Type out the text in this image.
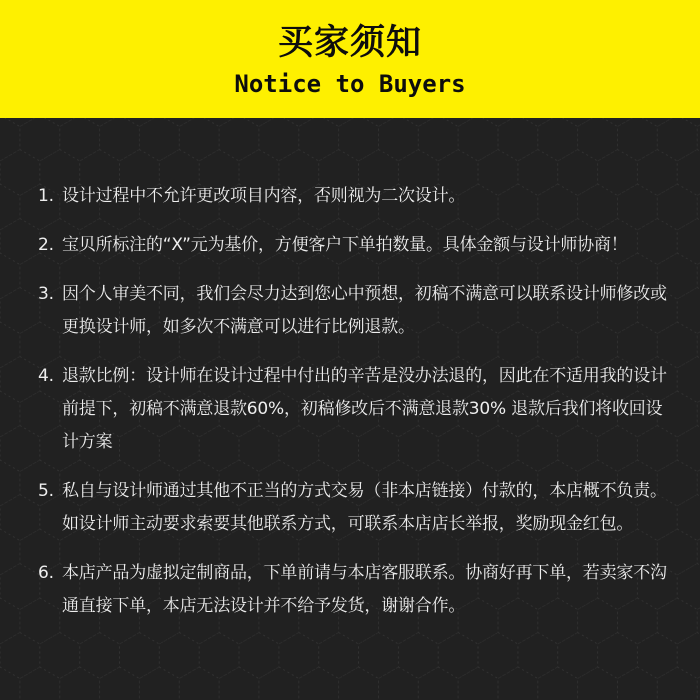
买家须知
Notice to Buyers
1. 设计过程中不允许更改项目内容，否则视为二次设计。
2. 宝贝所标注的“X”元为基价，方便客户下单拍数量。具体金额与设计师协商！
3. 因个人审美不同，我们会尽力达到您心中预想，初稿不满意可以联系设计师修改或更换设计师，如多次不满意可以进行比例退款。
4. 退款比例：设计师在设计过程中付出的辛苦是没办法退的，因此在不适用我的设计前提下，初稿不满意退款60%，初稿修改后不满意退款30% 退款后我们将收回设计方案
5. 私自与设计师通过其他不正当的方式交易（非本店链接）付款的，本店概不负责。如设计师主动要求索要其他联系方式，可联系本店店长举报，奖励现金红包。
6. 本店产品为虚拟定制商品，下单前请与本店客服联系。协商好再下单，若卖家不沟通直接下单，本店无法设计并不给予发货，谢谢合作。
